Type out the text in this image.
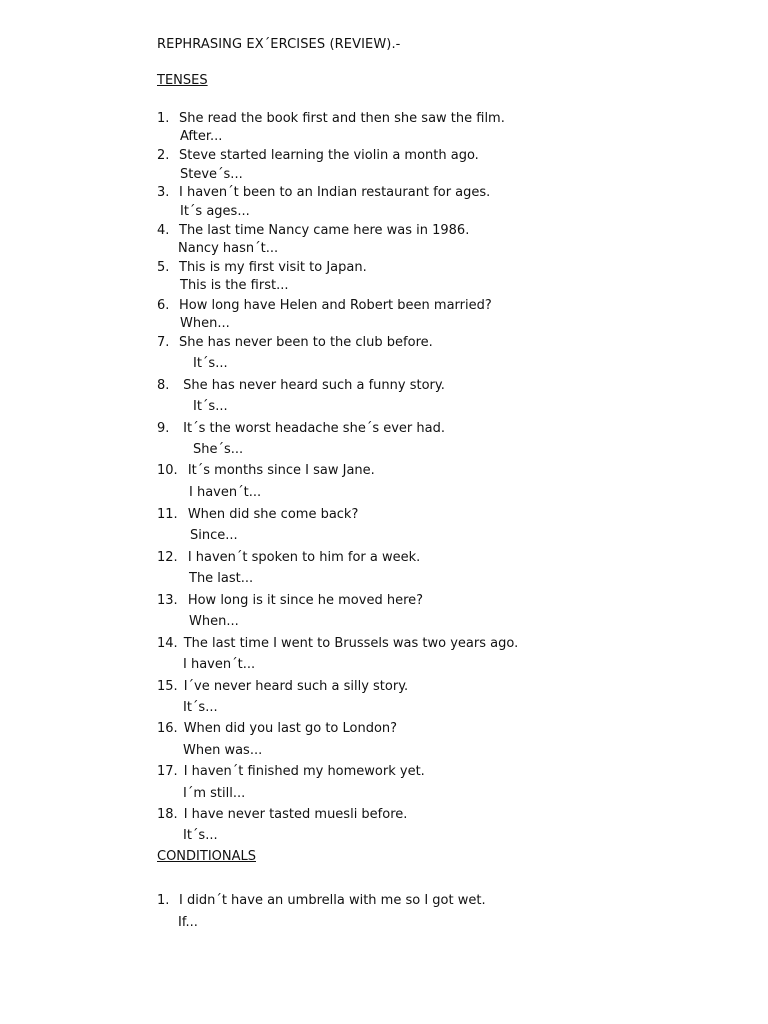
REPHRASING EX´ERCISES (REVIEW).-
TENSES
1. She read the book first and then she saw the film.
After...
2. Steve started learning the violin a month ago.
Steve´s...
3. I haven´t been to an Indian restaurant for ages.
It´s ages...
4. The last time Nancy came here was in 1986.
Nancy hasn´t...
5. This is my first visit to Japan.
This is the first...
6. How long have Helen and Robert been married?
When...
7. She has never been to the club before.
It´s...
8. She has never heard such a funny story.
It´s...
9. It´s the worst headache she´s ever had.
She´s...
10. It´s months since I saw Jane.
I haven´t...
11. When did she come back?
Since...
12. I haven´t spoken to him for a week.
The last...
13. How long is it since he moved here?
When...
14. The last time I went to Brussels was two years ago.
I haven´t...
15. I´ve never heard such a silly story.
It´s...
16. When did you last go to London?
When was...
17. I haven´t finished my homework yet.
I´m still...
18. I have never tasted muesli before.
It´s...
CONDITIONALS
1. I didn´t have an umbrella with me so I got wet.
If...
